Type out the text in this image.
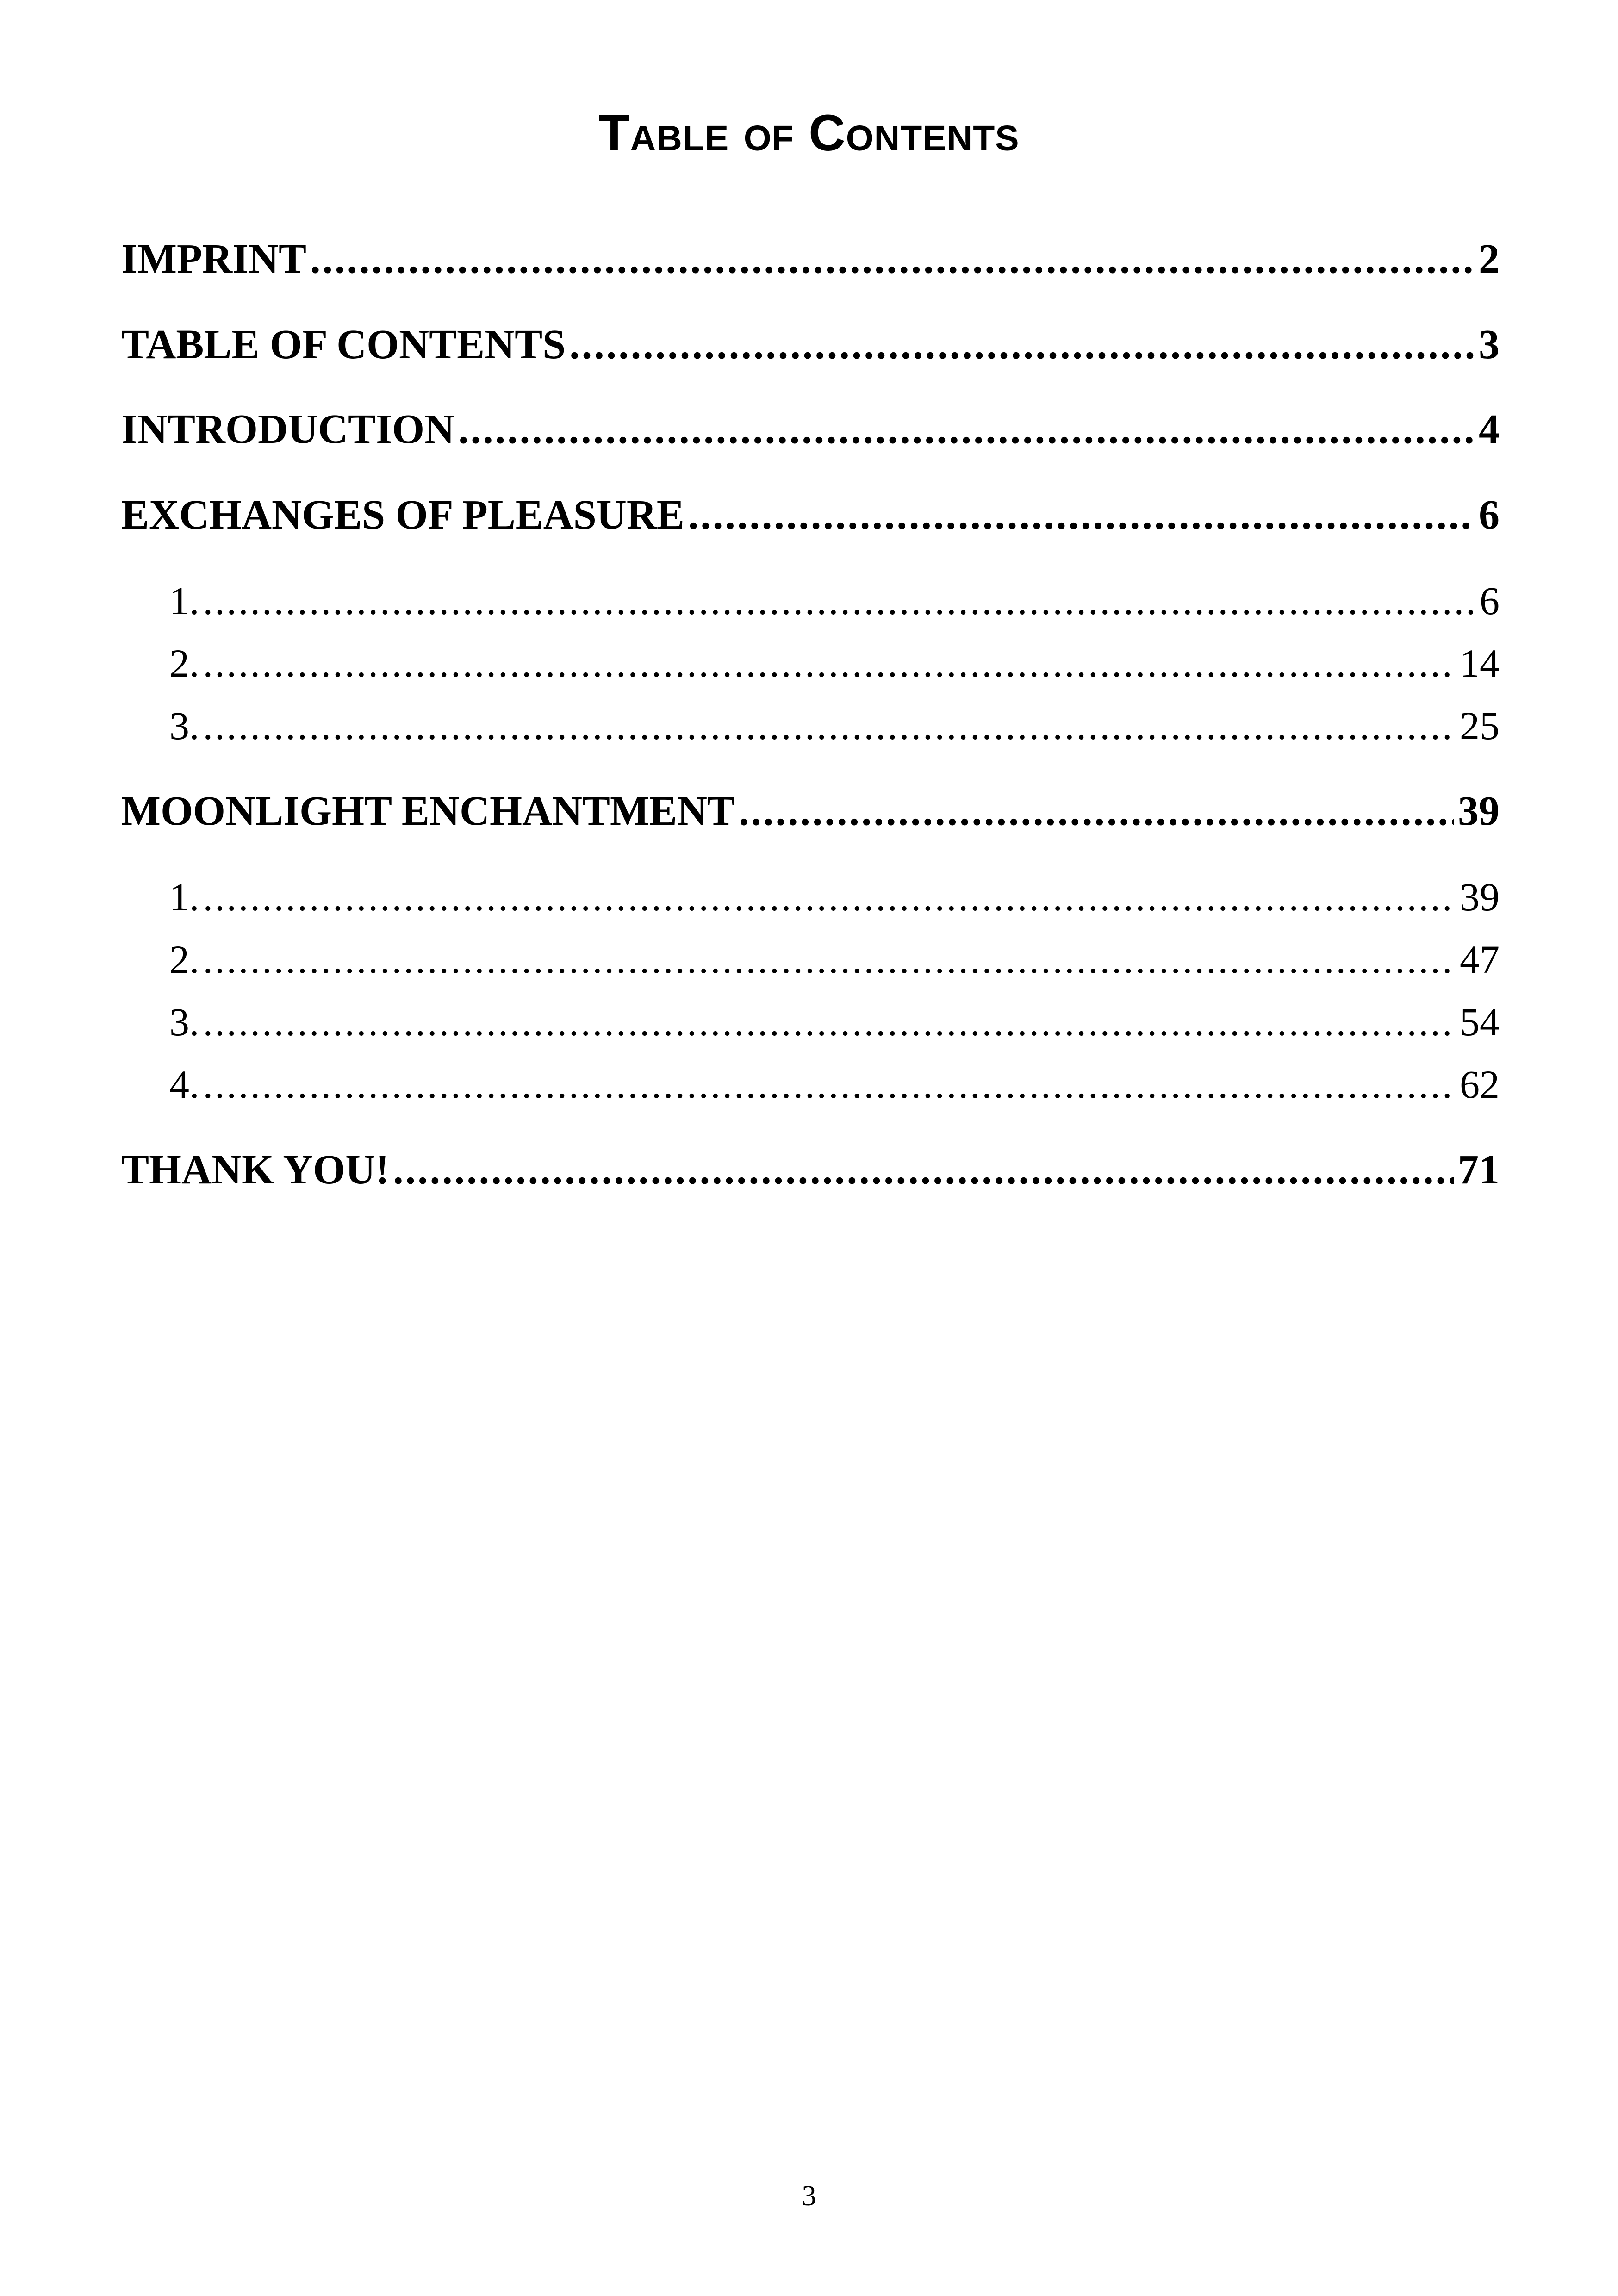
Table of Contents
IMPRINT .....	2
TABLE OF CONTENTS .....	3
INTRODUCTION .....	4
EXCHANGES OF PLEASURE .....	6
1. .....	6
2. .....	14
3. .....	25
MOONLIGHT ENCHANTMENT .....	39
1. .....	39
2. .....	47
3. .....	54
4. .....	62
THANK YOU! .....	71
3
